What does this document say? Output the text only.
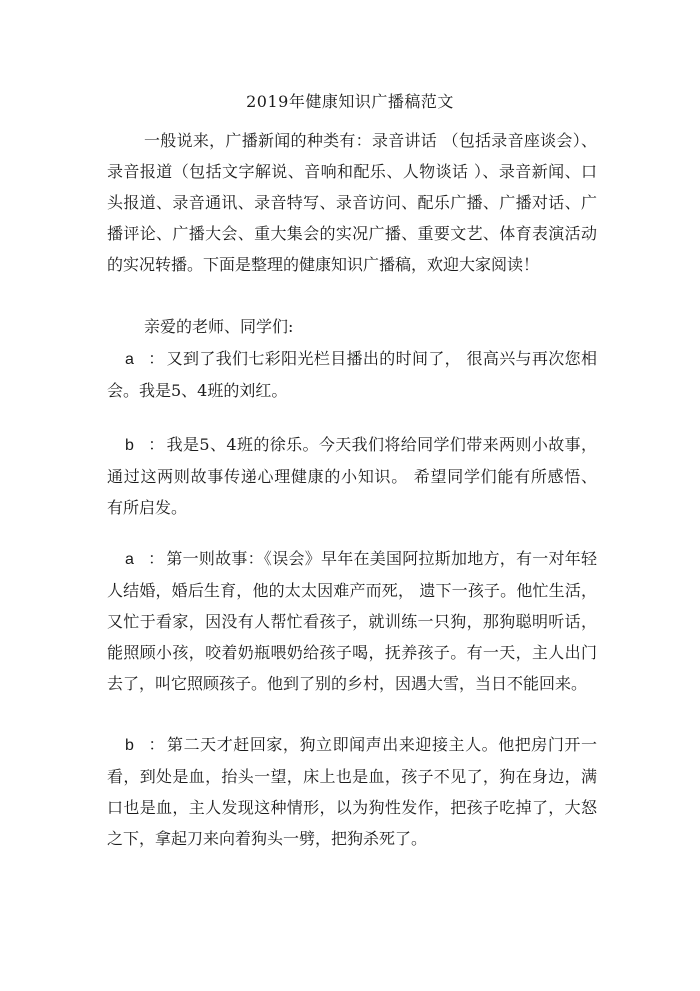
2019年健康知识广播稿范文

一般说来，广播新闻的种类有：录音讲话 （包括录音座谈会）、录音报道（包括文字解说、音响和配乐、人物谈话 ）、录音新闻、口头报道、录音通讯、录音特写、录音访问、配乐广播、广播对话、广播评论、广播大会、重大集会的实况广播、重要文艺、体育表演活动的实况转播。下面是整理的健康知识广播稿，欢迎大家阅读！

亲爱的老师、同学们:

a ： 又到了我们七彩阳光栏目播出的时间了， 很高兴与再次您相会。我是5、4班的刘红。

b ： 我是5、4班的徐乐。今天我们将给同学们带来两则小故事，通过这两则故事传递心理健康的小知识。 希望同学们能有所感悟、 有所启发。

a ： 第一则故事：《误会》早年在美国阿拉斯加地方，有一对年轻人结婚，婚后生育，他的太太因难产而死， 遗下一孩子。他忙生活，又忙于看家，因没有人帮忙看孩子，就训练一只狗，那狗聪明听话，能照顾小孩，咬着奶瓶喂奶给孩子喝，抚养孩子。有一天，主人出门去了，叫它照顾孩子。他到了别的乡村，因遇大雪，当日不能回来。

b ： 第二天才赶回家，狗立即闻声出来迎接主人。他把房门开一看，到处是血，抬头一望，床上也是血，孩子不见了，狗在身边，满口也是血，主人发现这种情形，以为狗性发作，把孩子吃掉了，大怒之下，拿起刀来向着狗头一劈，把狗杀死了。
